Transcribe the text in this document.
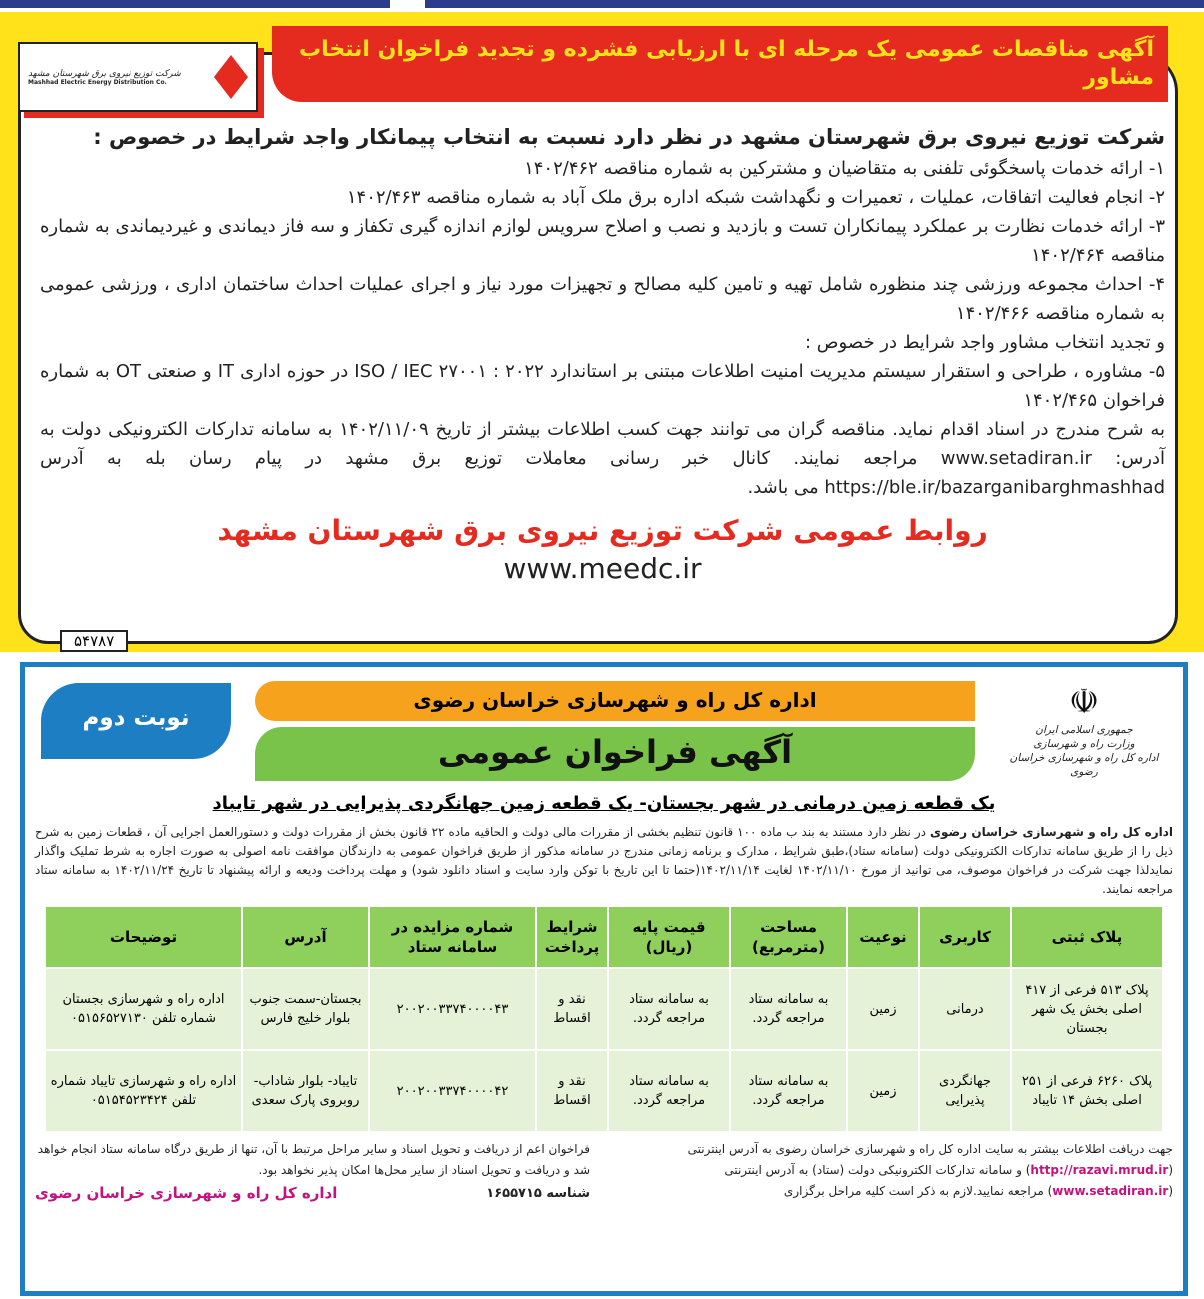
آگهی مناقصات عمومی یک مرحله ای با ارزیابی فشرده و تجدید فراخوان انتخاب مشاور
شرکت توزیع نیروی برق شهرستان مشهد
Mashhad Electric Energy Distribution Co.
شرکت توزیع نیروی برق شهرستان مشهد در نظر دارد نسبت به انتخاب پیمانکار واجد شرایط در خصوص :
۱- ارائه خدمات پاسخگوئی تلفنی به متقاضیان و مشترکین به شماره مناقصه ۱۴۰۲/۴۶۲
۲- انجام فعالیت اتفاقات، عملیات ، تعمیرات و نگهداشت شبکه اداره برق ملک آباد به شماره مناقصه ۱۴۰۲/۴۶۳
۳- ارائه خدمات نظارت بر عملکرد پیمانکاران تست و بازدید و نصب و اصلاح سرویس لوازم اندازه گیری تکفاز و سه فاز دیماندی و غیردیماندی به شماره مناقصه ۱۴۰۲/۴۶۴
۴- احداث مجموعه ورزشی چند منظوره شامل تهیه و تامین کلیه مصالح و تجهیزات مورد نیاز و اجرای عملیات احداث ساختمان اداری ، ورزشی عمومی به شماره مناقصه ۱۴۰۲/۴۶۶
و تجدید انتخاب مشاور واجد شرایط در خصوص :
۵- مشاوره ، طراحی و استقرار سیستم مدیریت امنیت اطلاعات مبتنی بر استاندارد ISO / IEC ۲۷۰۰۱ : ۲۰۲۲ در حوزه اداری IT و صنعتی OT به شماره فراخوان ۱۴۰۲/۴۶۵
به شرح مندرج در اسناد اقدام نماید. مناقصه گران می توانند جهت کسب اطلاعات بیشتر از تاریخ ۱۴۰۲/۱۱/۰۹ به سامانه تدارکات الکترونیکی دولت به آدرس: www.setadiran.ir مراجعه نمایند. کانال خبر رسانی معاملات توزیع برق مشهد در پیام رسان بله به آدرس https://ble.ir/bazarganibarghmashhad می باشد.
روابط عمومی شرکت توزیع نیروی برق شهرستان مشهد
www.meedc.ir
۵۴۷۸۷
☫
جمهوری اسلامی ایران
وزارت راه و شهرسازی
اداره کل راه و شهرسازی خراسان رضوی
اداره کل راه و شهرسازی خراسان رضوی
نوبت دوم
آگهی فراخوان عمومی
یک قطعه زمین درمانی در شهر بجستان- یک قطعه زمین جهانگردی پذیرایی در شهر تایباد
اداره کل راه و شهرسازی خراسان رضوی در نظر دارد مستند به بند ب ماده ۱۰۰ قانون تنظیم بخشی از مقررات مالی دولت و الحاقیه ماده ۲۲ قانون بخش از مقررات دولت و دستورالعمل اجرایی آن ، قطعات زمین به شرح ذیل را از طریق سامانه تدارکات الکترونیکی دولت (سامانه ستاد)،طبق شرایط ، مدارک و برنامه زمانی مندرج در سامانه مذکور از طریق فراخوان عمومی به دارندگان موافقت نامه اصولی به صورت اجاره به شرط تملیک واگذار نمایدلذا جهت شرکت در فراخوان موصوف، می توانید از مورخ ۱۴۰۲/۱۱/۱۰ لغایت ۱۴۰۲/۱۱/۱۴(حتما تا این تاریخ با توکن وارد سایت و اسناد دانلود شود) و مهلت پرداخت ودیعه و ارائه پیشنهاد تا تاریخ ۱۴۰۲/۱۱/۲۴ به سامانه ستاد مراجعه نمایند.
پلاک ثبتی	کاربری	نوعیت	مساحت (مترمربع)	قیمت پایه (ریال)	شرایط پرداخت	شماره مزایده در سامانه ستاد	آدرس	توضیحات
پلاک ۵۱۳ فرعی از ۴۱۷ اصلی بخش یک شهر بجستان	درمانی	زمین	به سامانه ستاد مراجعه گردد.	به سامانه ستاد مراجعه گردد.	نقد و اقساط	۲۰۰۲۰۰۳۳۷۴۰۰۰۰۴۳	بجستان-سمت جنوب بلوار خلیج فارس	اداره راه و شهرسازی بجستان شماره تلفن ۰۵۱۵۶۵۲۷۱۳۰
پلاک ۶۲۶۰ فرعی از ۲۵۱ اصلی بخش ۱۴ تایباد	جهانگردی پذیرایی	زمین	به سامانه ستاد مراجعه گردد.	به سامانه ستاد مراجعه گردد.	نقد و اقساط	۲۰۰۲۰۰۳۳۷۴۰۰۰۰۴۲	تایباد- بلوار شاداب-روبروی پارک سعدی	اداره راه و شهرسازی تایباد شماره تلفن ۰۵۱۵۴۵۲۳۴۲۴
جهت دریافت اطلاعات بیشتر به سایت اداره کل راه و شهرسازی خراسان رضوی به آدرس اینترنتی (http://razavi.mrud.ir) و سامانه تدارکات الکترونیکی دولت (ستاد) به آدرس اینترنتی (www.setadiran.ir) مراجعه نمایید.لازم به ذکر است کلیه مراحل برگزاری
فراخوان اعم از دریافت و تحویل اسناد و سایر مراحل مرتبط با آن، تنها از طریق درگاه سامانه ستاد انجام خواهد شد و دریافت و تحویل اسناد از سایر محل‌ها امکان پذیر نخواهد بود.
شناسه ۱۶۵۵۷۱۵
اداره کل راه و شهرسازی خراسان رضوی
